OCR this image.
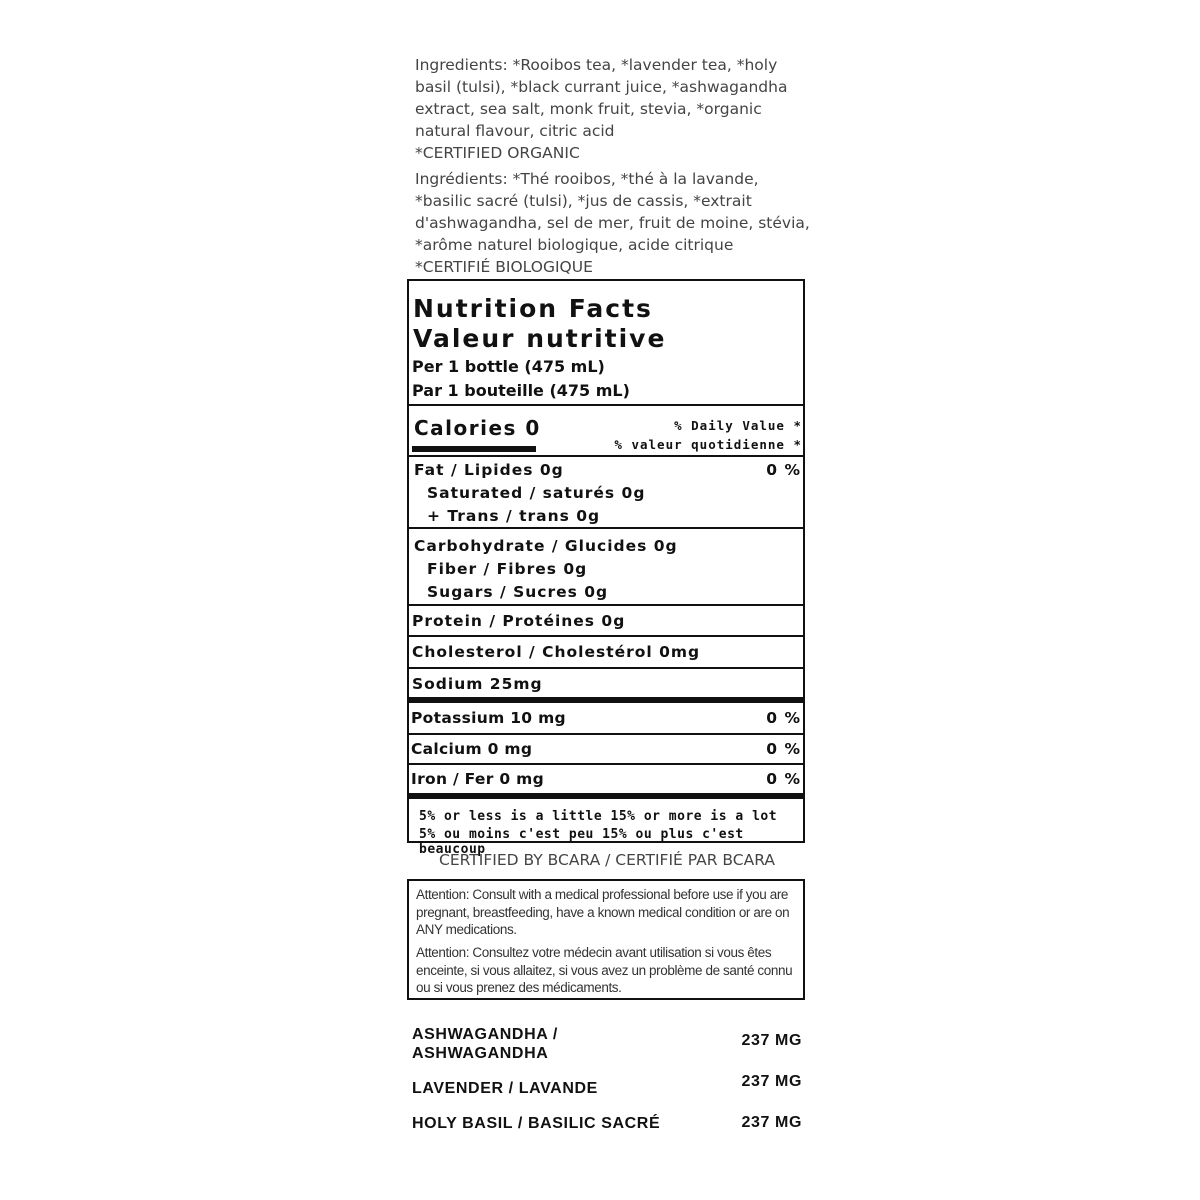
Ingredients: *Rooibos tea, *lavender tea, *holy basil (tulsi), *black currant juice, *ashwagandha extract, sea salt, monk fruit, stevia, *organic natural flavour, citric acid

*CERTIFIED ORGANIC

Ingrédients: *Thé rooibos, *thé à la lavande, *basilic sacré (tulsi), *jus de cassis, *extrait d'ashwagandha, sel de mer, fruit de moine, stévia, *arôme naturel biologique, acide citrique

*CERTIFIÉ BIOLOGIQUE

Nutrition Facts
Valeur nutritive
Per 1 bottle (475 mL)
Par 1 bouteille (475 mL)
Calories 0	% Daily Value *
% valeur quotidienne *
Fat / Lipides 0g	0 %
Saturated / saturés 0g
+ Trans / trans 0g
Carbohydrate / Glucides 0g
Fiber / Fibres 0g
Sugars / Sucres 0g
Protein / Protéines 0g
Cholesterol / Cholestérol 0mg
Sodium 25mg
Potassium 10 mg	0 %
Calcium 0 mg	0 %
Iron / Fer 0 mg	0 %
5% or less is a little 15% or more is a lot
5% ou moins c'est peu 15% ou plus c'est beaucoup
CERTIFIED BY BCARA / CERTIFIÉ PAR BCARA

Attention: Consult with a medical professional before use if you are pregnant, breastfeeding, have a known medical condition or are on ANY medications.

Attention: Consultez votre médecin avant utilisation si vous êtes enceinte, si vous allaitez, si vous avez un problème de santé connu ou si vous prenez des médicaments.

ASHWAGANDHA / ASHWAGANDHA
237 MG
LAVENDER / LAVANDE	237 MG
HOLY BASIL / BASILIC SACRÉ	237 MG
